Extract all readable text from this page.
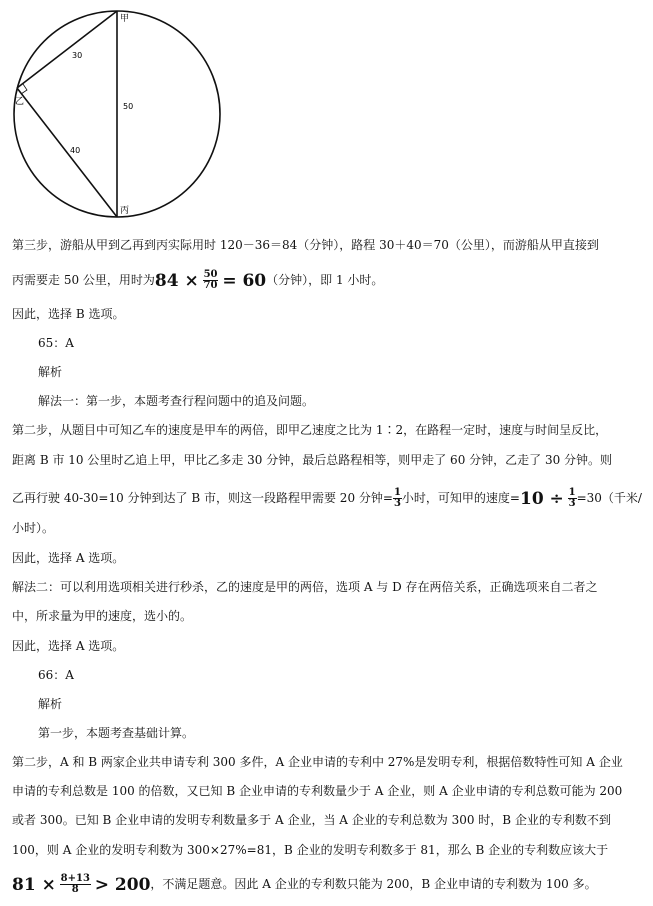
甲
乙
丙
30
50
40
第三步，游船从甲到乙再到丙实际用时 120－36＝84（分钟），路程 30＋40＝70（公里），而游船从甲直接到
丙需要走 50 公里，用时为$84 \times \frac{50}{70} = 60$（分钟），即 1 小时。
因此，选择 B 选项。
65：A
解析
解法一：第一步，本题考查行程问题中的追及问题。
第二步，从题目中可知乙车的速度是甲车的两倍，即甲乙速度之比为 1∶2，在路程一定时，速度与时间呈反比，
距离 B 市 10 公里时乙追上甲，甲比乙多走 30 分钟，最后总路程相等，则甲走了 60 分钟，乙走了 30 分钟。则
乙再行驶 40-30=10 分钟到达了 B 市，则这一段路程甲需要 20 分钟= $\frac{1}{3}$ 小时，可知甲的速度$=10 \div \frac{1}{3} =30$（千米/
小时）。
因此，选择 A 选项。
解法二：可以利用选项相关进行秒杀，乙的速度是甲的两倍，选项 A 与 D 存在两倍关系，正确选项来自二者之
中，所求量为甲的速度，选小的。
因此，选择 A 选项。
66：A
解析
第一步，本题考查基础计算。
第二步，A 和 B 两家企业共申请专利 300 多件，A 企业申请的专利中 27%是发明专利，根据倍数特性可知 A 企业
申请的专利总数是 100 的倍数，又已知 B 企业申请的专利数量少于 A 企业，则 A 企业申请的专利总数可能为 200
或者 300。已知 B 企业申请的发明专利数量多于 A 企业，当 A 企业的专利总数为 300 时，B 企业的专利数不到
100，则 A 企业的发明专利数为 300×27%=81，B 企业的发明专利数多于 81，那么 B 企业的专利数应该大于
$81 \times \frac{8+13}{8} > 200$，不满足题意。因此 A 企业的专利数只能为 200，B 企业申请的专利数为 100 多。
